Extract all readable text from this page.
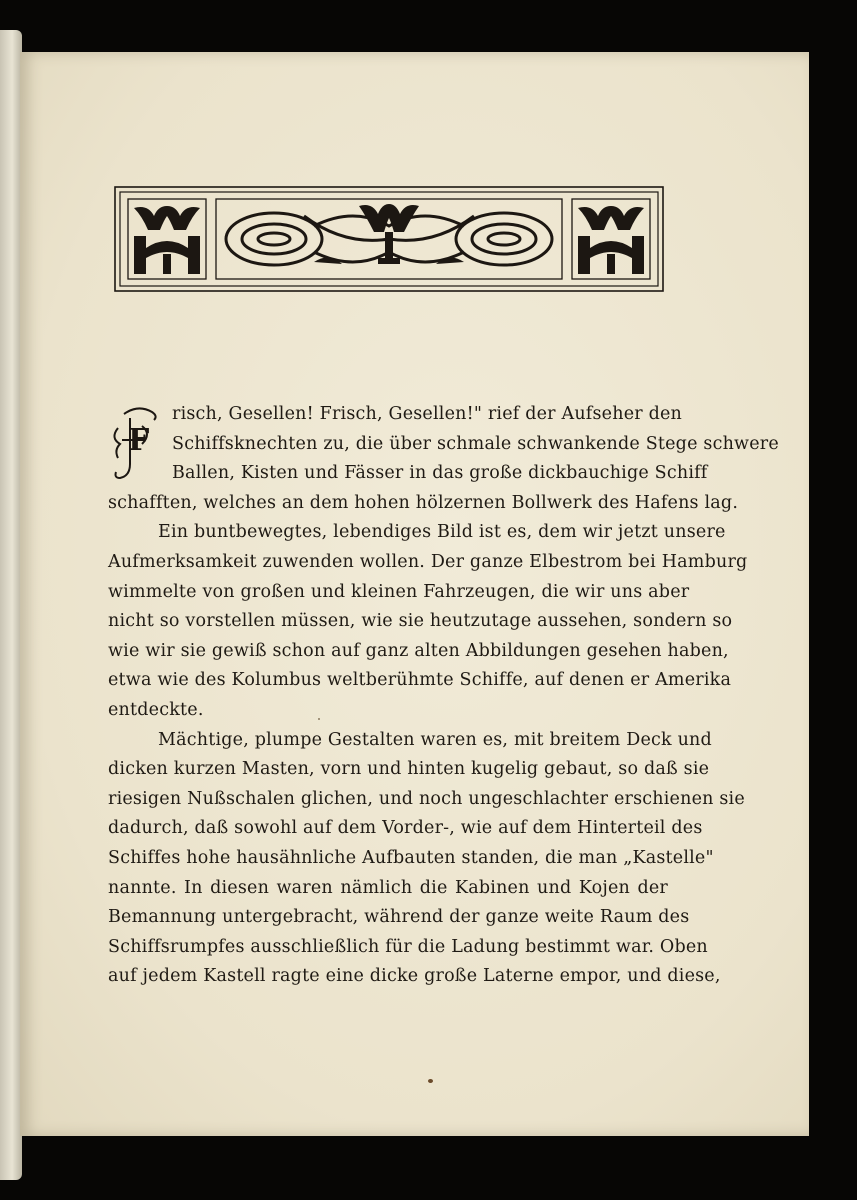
F

risch, Gesellen! Frisch, Gesellen!" rief der Aufseher den
Schiffsknechten zu, die über schmale schwankende Stege schwere
Ballen, Kisten und Fässer in das große dickbauchige Schiff
schafften, welches an dem hohen hölzernen Bollwerk des Hafens lag.

Ein buntbewegtes, lebendiges Bild ist es, dem wir jetzt unsere
Aufmerksamkeit zuwenden wollen. Der ganze Elbestrom bei Hamburg
wimmelte von großen und kleinen Fahrzeugen, die wir uns aber
nicht so vorstellen müssen, wie sie heutzutage aussehen, sondern so
wie wir sie gewiß schon auf ganz alten Abbildungen gesehen haben,
etwa wie des Kolumbus weltberühmte Schiffe, auf denen er Amerika
entdeckte.

Mächtige, plumpe Gestalten waren es, mit breitem Deck und
dicken kurzen Masten, vorn und hinten kugelig gebaut, so daß sie
riesigen Nußschalen glichen, und noch ungeschlachter erschienen sie
dadurch, daß sowohl auf dem Vorder-, wie auf dem Hinterteil des
Schiffes hohe hausähnliche Aufbauten standen, die man „Kastelle"
nannte. In diesen waren nämlich die Kabinen und Kojen der
Bemannung untergebracht, während der ganze weite Raum des
Schiffsrumpfes ausschließlich für die Ladung bestimmt war. Oben
auf jedem Kastell ragte eine dicke große Laterne empor, und diese,
